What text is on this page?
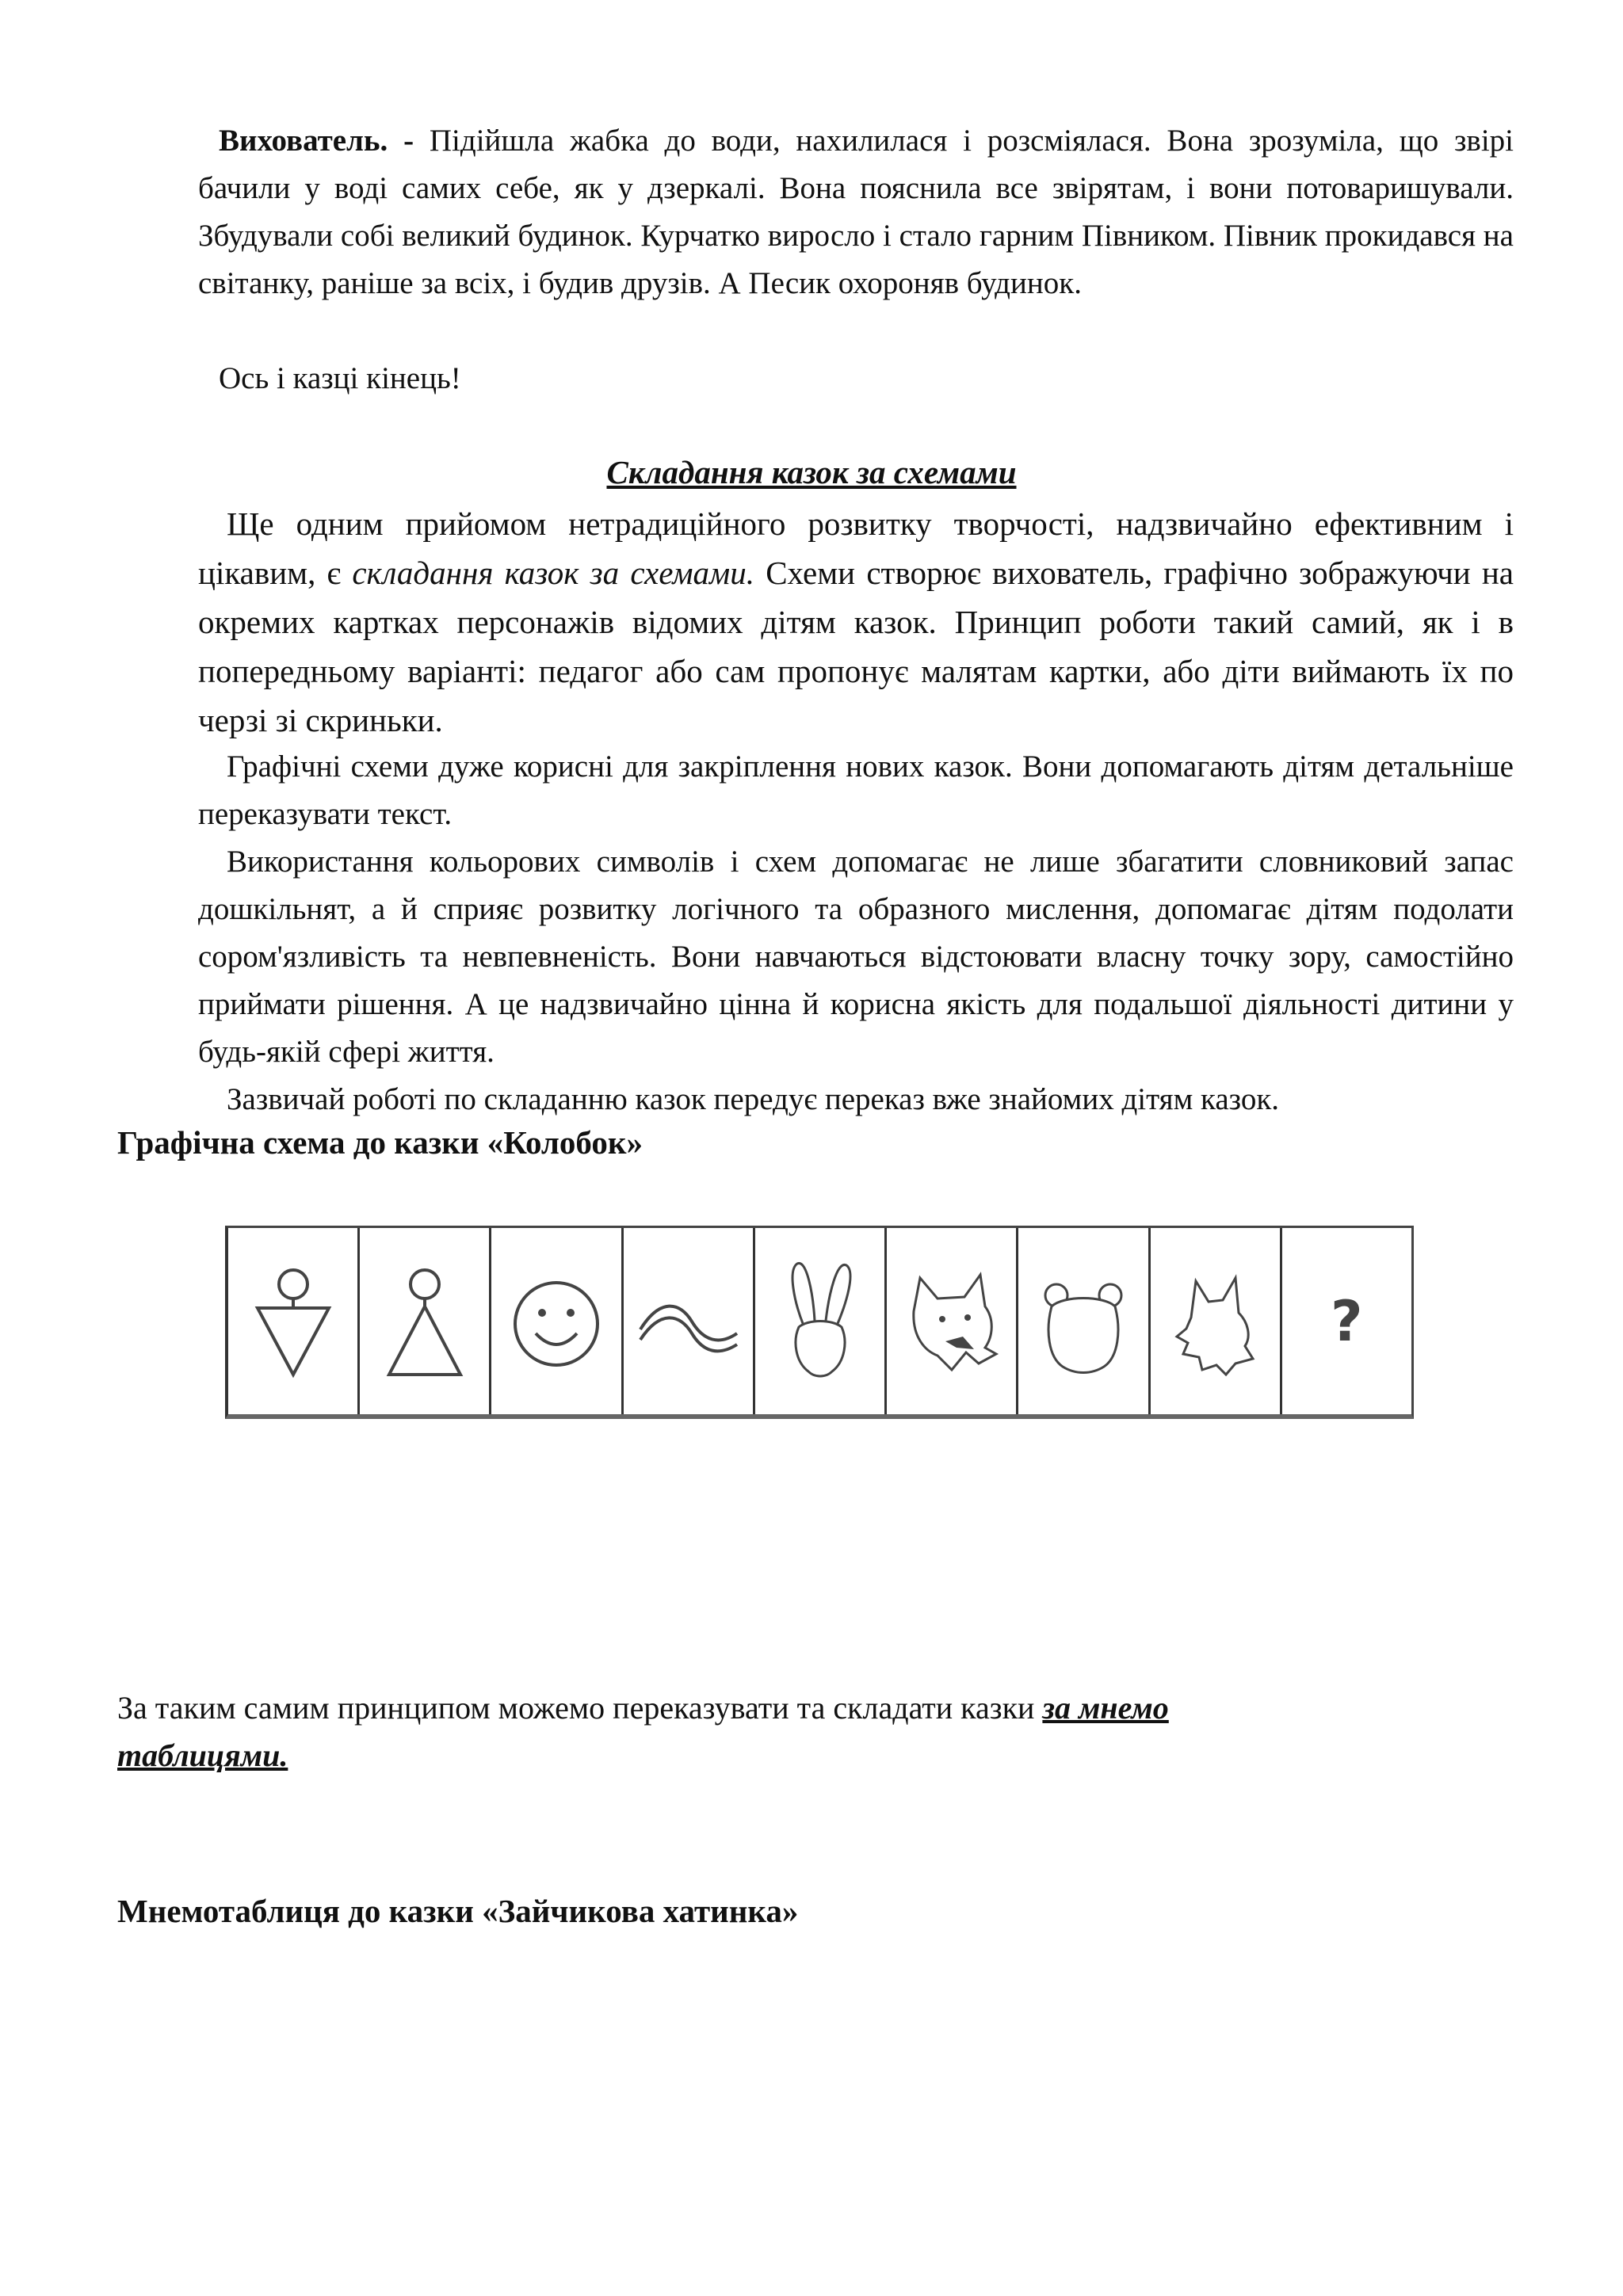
Вихователь. - Підійшла жабка до води, нахилилася і розсміялася. Вона зрозуміла, що звірі бачили у воді самих себе, як у дзеркалі. Вона пояснила все звірятам, і вони потоваришували. Збудували собі великий будинок. Курчатко виросло і стало гарним Півником. Півник прокидався на світанку, раніше за всіх, і будив друзів. А Песик охороняв будинок.

Ось і казці кінець!

Складання казок за схемами

Ще одним прийомом нетрадиційного розвитку творчості, надзвичайно ефективним і цікавим, є складання казок за схемами. Схеми створює вихователь, графічно зображуючи на окремих картках персонажів відомих дітям казок. Принцип роботи такий самий, як і в попередньому варіанті: педагог або сам пропонує малятам картки, або діти виймають їх по черзі зі скриньки.

Графічні схеми дуже корисні для закріплення нових казок. Вони допомагають дітям детальніше переказувати текст.

Використання кольорових символів і схем допомагає не лише збагатити словниковий запас дошкільнят, а й сприяє розвитку логічного та образного мислення, допомагає дітям подолати сором'язливість та невпевненість. Вони навчаються відстоювати власну точку зору, самостійно приймати рішення. А це надзвичайно цінна й корисна якість для подальшої діяльності дитини у будь-якій сфері життя.

Зазвичай роботі по складанню казок передує переказ вже знайомих дітям казок.

Графічна схема до казки «Колобок»

?

За таким самим принципом можемо переказувати та складати казки за мнемо
таблицями.

Мнемотаблиця до казки «Зайчикова хатинка»
